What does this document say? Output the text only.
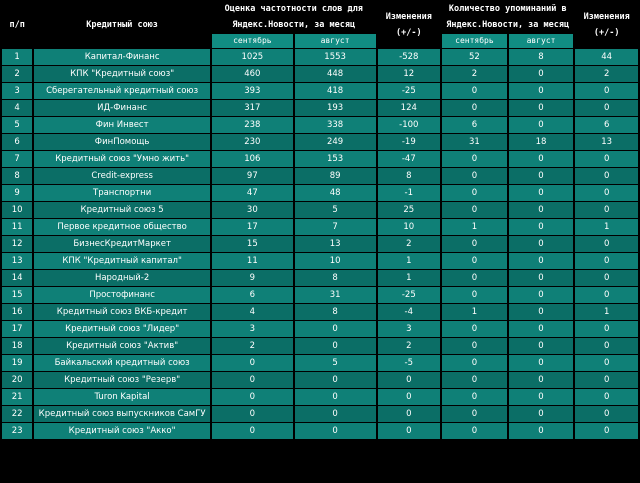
п/п	Кредитный союз	Оценка частотности слов для
Яндекс.Новости, за месяц		Изменения
(+/-)	Количество упоминаний в
Яндекс.Новости, за месяц		Изменения
(+/-)
		сентябрь	август		сентябрь	август	
1	Капитал-Финанс	1025	1553	-528	52	8	44
2	КПК "Кредитный союз"	460	448	12	2	0	2
3	Сберегательный кредитный союз	393	418	-25	0	0	0
4	ИД-Финанс	317	193	124	0	0	0
5	Фин Инвест	238	338	-100	6	0	6
6	ФинПомощь	230	249	-19	31	18	13
7	Кредитный союз "Умно жить"	106	153	-47	0	0	0
8	Credit-express	97	89	8	0	0	0
9	Транспортни	47	48	-1	0	0	0
10	Кредитный союз 5	30	5	25	0	0	0
11	Первое кредитное общество	17	7	10	1	0	1
12	БизнесКредитМаркет	15	13	2	0	0	0
13	КПК "Кредитный капитал"	11	10	1	0	0	0
14	Народный-2	9	8	1	0	0	0
15	Простофинанс	6	31	-25	0	0	0
16	Кредитный союз ВКБ-кредит	4	8	-4	1	0	1
17	Кредитный союз "Лидер"	3	0	3	0	0	0
18	Кредитный союз "Актив"	2	0	2	0	0	0
19	Байкальский кредитный союз	0	5	-5	0	0	0
20	Кредитный союз "Резерв"	0	0	0	0	0	0
21	Turon Kapital	0	0	0	0	0	0
22	Кредитный союз выпускников СамГУ	0	0	0	0	0	0
23	Кредитный союз "Акко"	0	0	0	0	0	0
